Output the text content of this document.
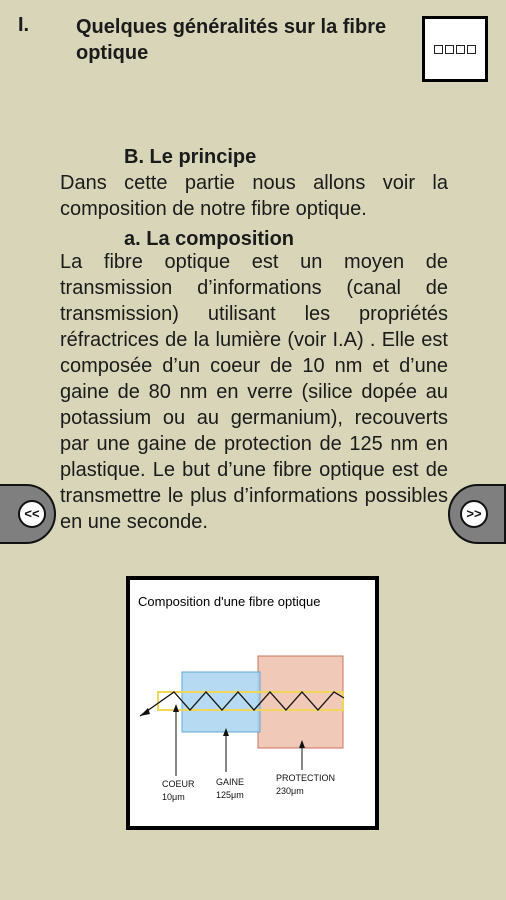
I. Quelques généralités sur la fibre optique
B. Le principe
Dans cette partie nous allons voir la composition de notre fibre optique.
a. La composition
La fibre optique est un moyen de transmission d’informations (canal de transmission) utilisant les propriétés réfractrices de la lumière (voir I.A) . Elle est composée d’un coeur de 10 nm et d’une gaine de 80 nm en verre (silice dopée au potassium ou au germanium), recouverts par une gaine de protection de 125 nm en plastique. Le but d’une fibre optique est de transmettre le plus d’informations possibles en une seconde.
<<	>>
Composition d'une fibre optique
COEUR
10μm
GAINE
125μm
PROTECTION
230μm
